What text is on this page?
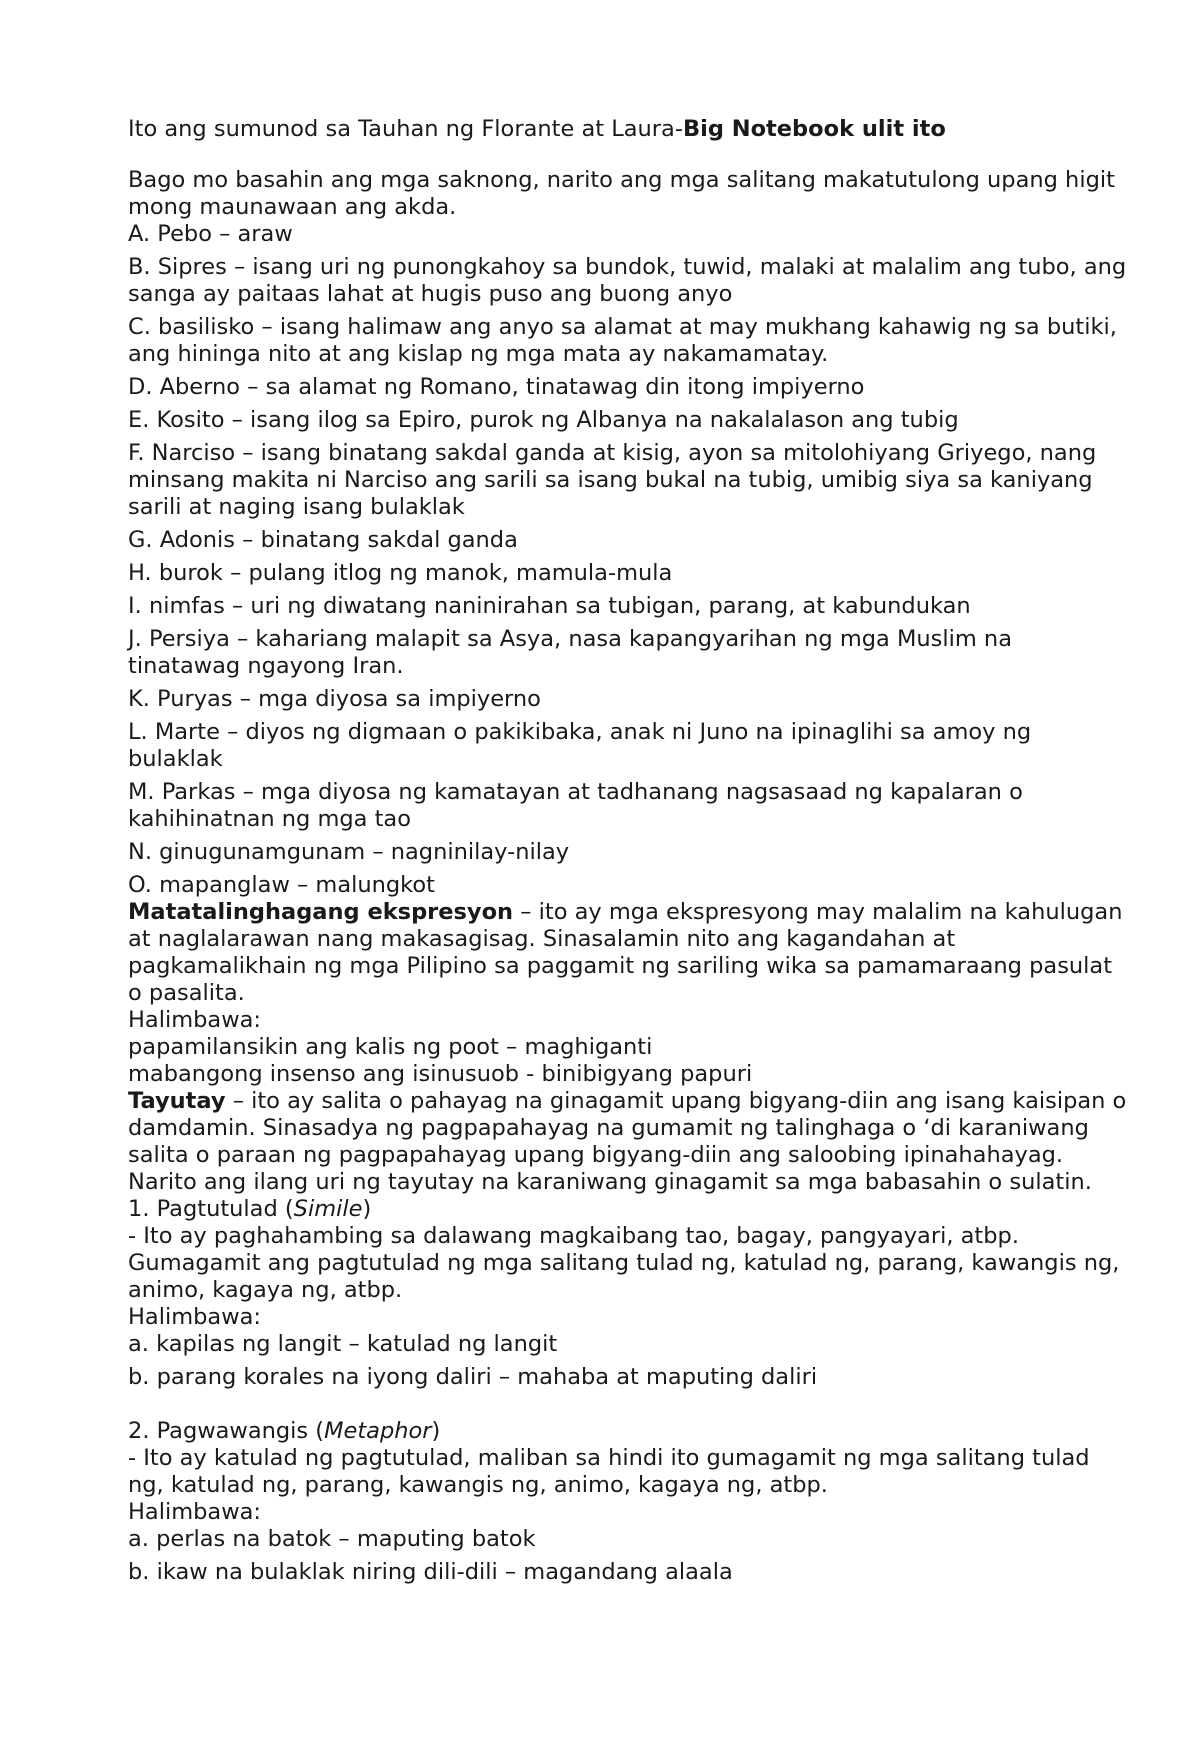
Ito ang sumunod sa Tauhan ng Florante at Laura-Big Notebook ulit ito

Bago mo basahin ang mga saknong, narito ang mga salitang makatutulong upang higit mong maunawaan ang akda.

A. Pebo – araw

B. Sipres – isang uri ng punongkahoy sa bundok, tuwid, malaki at malalim ang tubo, ang sanga ay paitaas lahat at hugis puso ang buong anyo

C. basilisko – isang halimaw ang anyo sa alamat at may mukhang kahawig ng sa butiki, ang hininga nito at ang kislap ng mga mata ay nakamamatay.

D. Aberno – sa alamat ng Romano, tinatawag din itong impiyerno

E. Kosito – isang ilog sa Epiro, purok ng Albanya na nakalalason ang tubig

F. Narciso – isang binatang sakdal ganda at kisig, ayon sa mitolohiyang Griyego, nang minsang makita ni Narciso ang sarili sa isang bukal na tubig, umibig siya sa kaniyang sarili at naging isang bulaklak

G. Adonis – binatang sakdal ganda

H. burok – pulang itlog ng manok, mamula-mula

I. nimfas – uri ng diwatang naninirahan sa tubigan, parang, at kabundukan

J. Persiya – kahariang malapit sa Asya, nasa kapangyarihan ng mga Muslim na tinatawag ngayong Iran.

K. Puryas – mga diyosa sa impiyerno

L. Marte – diyos ng digmaan o pakikibaka, anak ni Juno na ipinaglihi sa amoy ng bulaklak

M. Parkas – mga diyosa ng kamatayan at tadhanang nagsasaad ng kapalaran o kahihinatnan ng mga tao

N. ginugunamgunam – nagninilay-nilay

O. mapanglaw – malungkot

Matatalinghagang ekspresyon – ito ay mga ekspresyong may malalim na kahulugan at naglalarawan nang makasagisag. Sinasalamin nito ang kagandahan at pagkamalikhain ng mga Pilipino sa paggamit ng sariling wika sa pamamaraang pasulat o pasalita.

Halimbawa:

papamilansikin ang kalis ng poot – maghiganti

mabangong insenso ang isinusuob - binibigyang papuri

Tayutay – ito ay salita o pahayag na ginagamit upang bigyang-diin ang isang kaisipan o damdamin. Sinasadya ng pagpapahayag na gumamit ng talinghaga o ‘di karaniwang salita o paraan ng pagpapahayag upang bigyang-diin ang saloobing ipinahahayag.

Narito ang ilang uri ng tayutay na karaniwang ginagamit sa mga babasahin o sulatin.

1. Pagtutulad (Simile)

- Ito ay paghahambing sa dalawang magkaibang tao, bagay, pangyayari, atbp. Gumagamit ang pagtutulad ng mga salitang tulad ng, katulad ng, parang, kawangis ng, animo, kagaya ng, atbp.

Halimbawa:

a. kapilas ng langit – katulad ng langit

b. parang korales na iyong daliri – mahaba at maputing daliri

2. Pagwawangis (Metaphor)

- Ito ay katulad ng pagtutulad, maliban sa hindi ito gumagamit ng mga salitang tulad ng, katulad ng, parang, kawangis ng, animo, kagaya ng, atbp.

Halimbawa:

a. perlas na batok – maputing batok

b. ikaw na bulaklak niring dili-dili – magandang alaala
